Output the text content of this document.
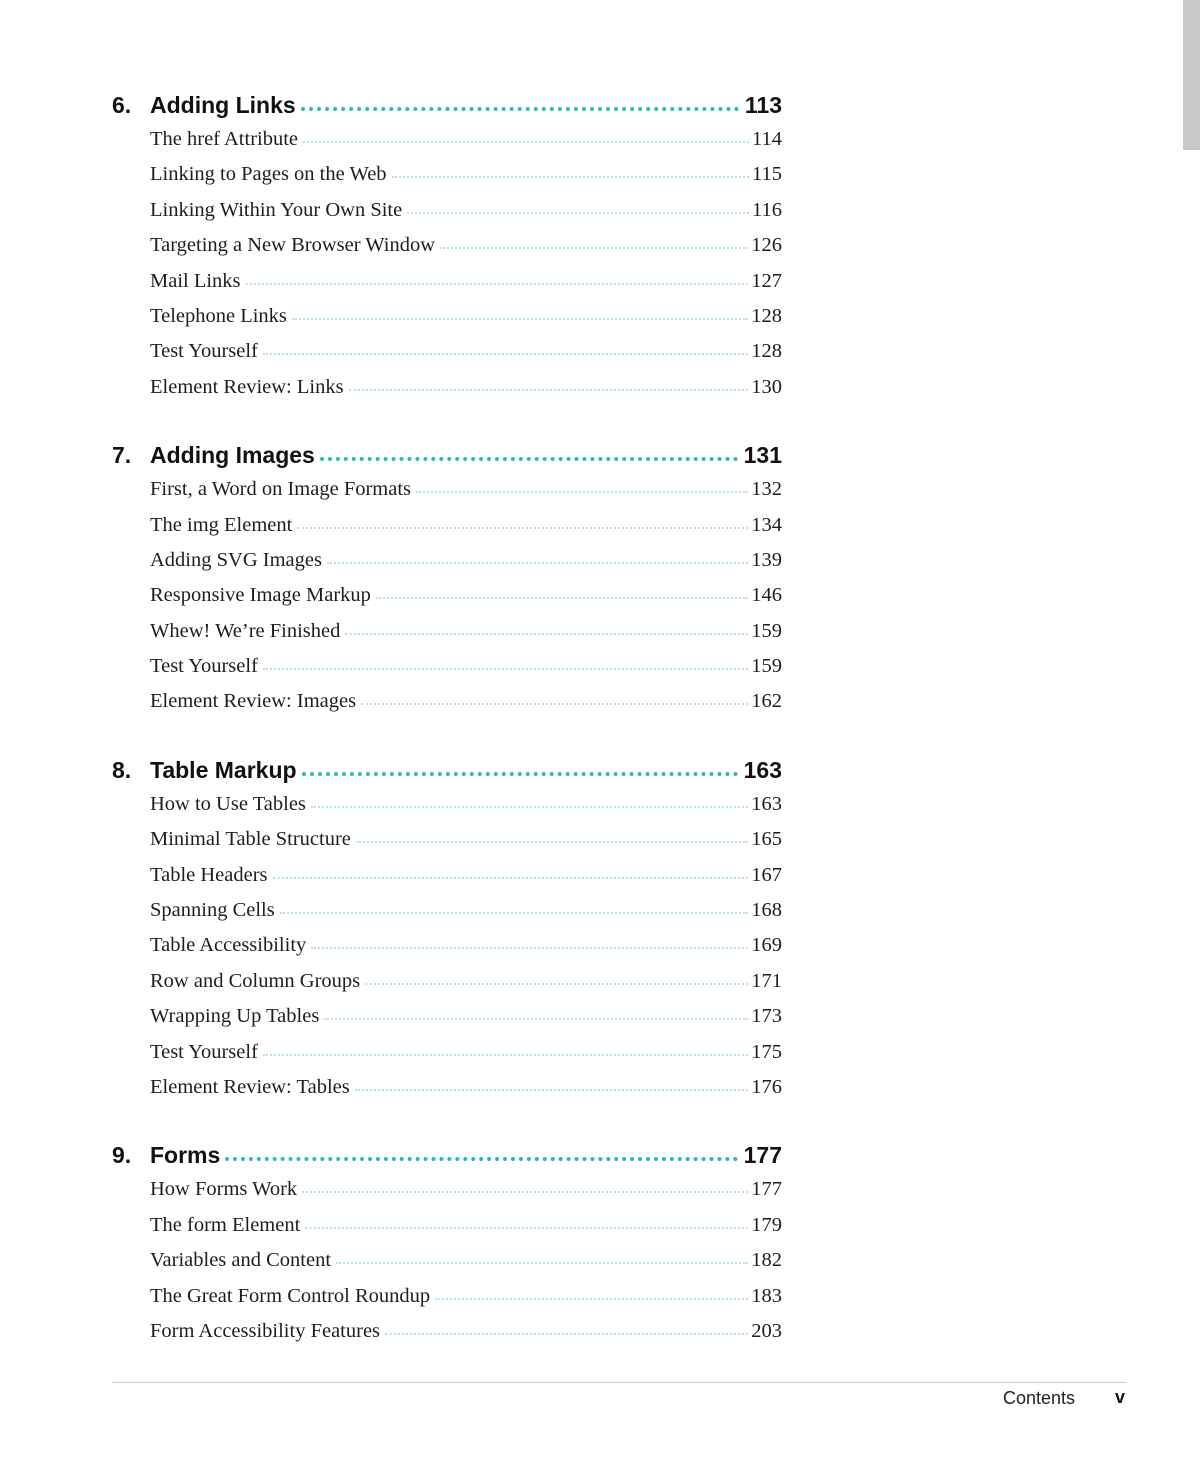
6. Adding Links	113
The href Attribute	114
Linking to Pages on the Web	115
Linking Within Your Own Site	116
Targeting a New Browser Window	126
Mail Links	127
Telephone Links	128
Test Yourself	128
Element Review: Links	130
7. Adding Images	131
First, a Word on Image Formats	132
The img Element	134
Adding SVG Images	139
Responsive Image Markup	146
Whew! We’re Finished	159
Test Yourself	159
Element Review: Images	162
8. Table Markup	163
How to Use Tables	163
Minimal Table Structure	165
Table Headers	167
Spanning Cells	168
Table Accessibility	169
Row and Column Groups	171
Wrapping Up Tables	173
Test Yourself	175
Element Review: Tables	176
9. Forms	177
How Forms Work	177
The form Element	179
Variables and Content	182
The Great Form Control Roundup	183
Form Accessibility Features	203
Contents v
